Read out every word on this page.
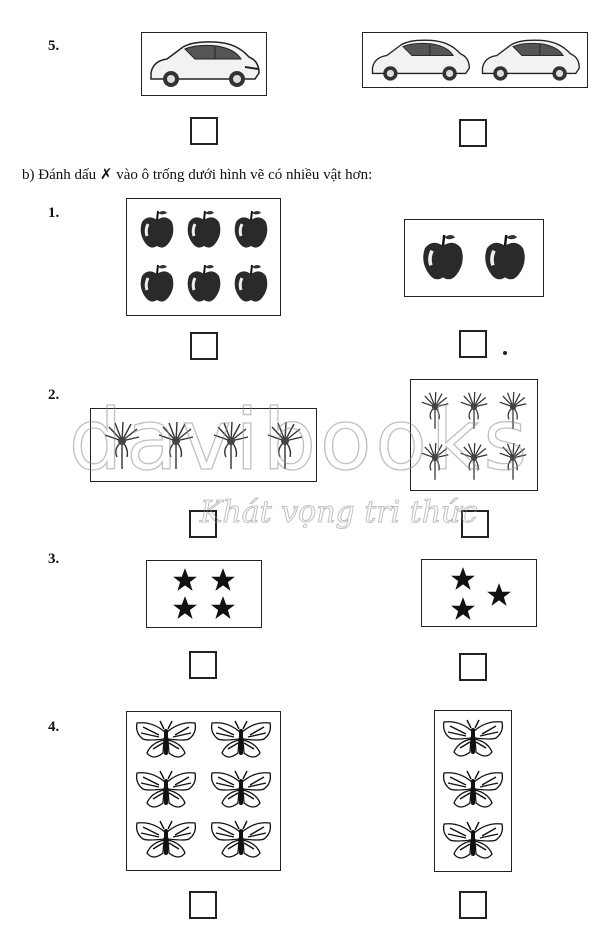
5.
b) Đánh dấu ✗ vào ô trống dưới hình vẽ có nhiều vật hơn:
1.
2.
3.
4.
Khát vọng tri thức
